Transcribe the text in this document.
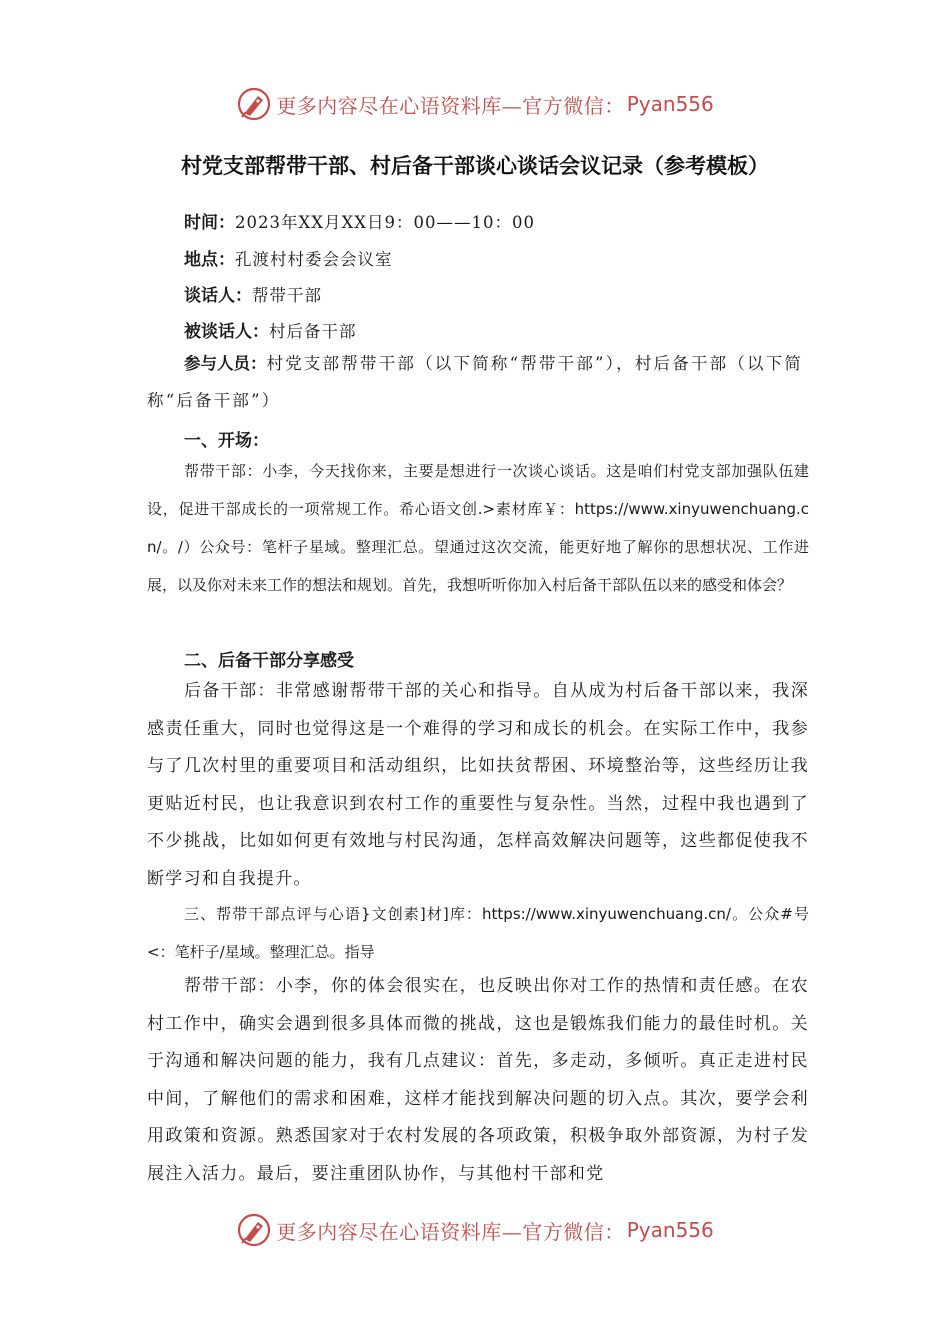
更多内容尽在心语资料库—官方微信： Pyan556
村党支部帮带干部、村后备干部谈心谈话会议记录（参考模板）
时间：2023年XX月XX日9：00——10：00
地点：孔渡村村委会会议室
谈话人：帮带干部
被谈话人：村后备干部
参与人员：村党支部帮带干部（以下简称“帮带干部”），村后备干部（以下简称“后备干部”）
一、开场：
帮带干部：小李，今天找你来，主要是想进行一次谈心谈话。这是咱们村党支部加强队伍建设，促进干部成长的一项常规工作。希心语文创.>素材库￥：https://www.xinyuwenchuang.cn/。/）公众号：笔杆子星域。整理汇总。望通过这次交流，能更好地了解你的思想状况、工作进展，以及你对未来工作的想法和规划。首先，我想听听你加入村后备干部队伍以来的感受和体会？
二、后备干部分享感受
后备干部：非常感谢帮带干部的关心和指导。自从成为村后备干部以来，我深感责任重大，同时也觉得这是一个难得的学习和成长的机会。在实际工作中，我参与了几次村里的重要项目和活动组织，比如扶贫帮困、环境整治等，这些经历让我更贴近村民，也让我意识到农村工作的重要性与复杂性。当然，过程中我也遇到了不少挑战，比如如何更有效地与村民沟通，怎样高效解决问题等，这些都促使我不断学习和自我提升。
三、帮带干部点评与心语}文创素]材]库：https://www.xinyuwenchuang.cn/。公众#号<：笔杆子/星域。整理汇总。指导
帮带干部：小李，你的体会很实在，也反映出你对工作的热情和责任感。在农村工作中，确实会遇到很多具体而微的挑战，这也是锻炼我们能力的最佳时机。关于沟通和解决问题的能力，我有几点建议：首先，多走动，多倾听。真正走进村民中间，了解他们的需求和困难，这样才能找到解决问题的切入点。其次，要学会利用政策和资源。熟悉国家对于农村发展的各项政策，积极争取外部资源，为村子发展注入活力。最后，要注重团队协作，与其他村干部和党
更多内容尽在心语资料库—官方微信： Pyan556
